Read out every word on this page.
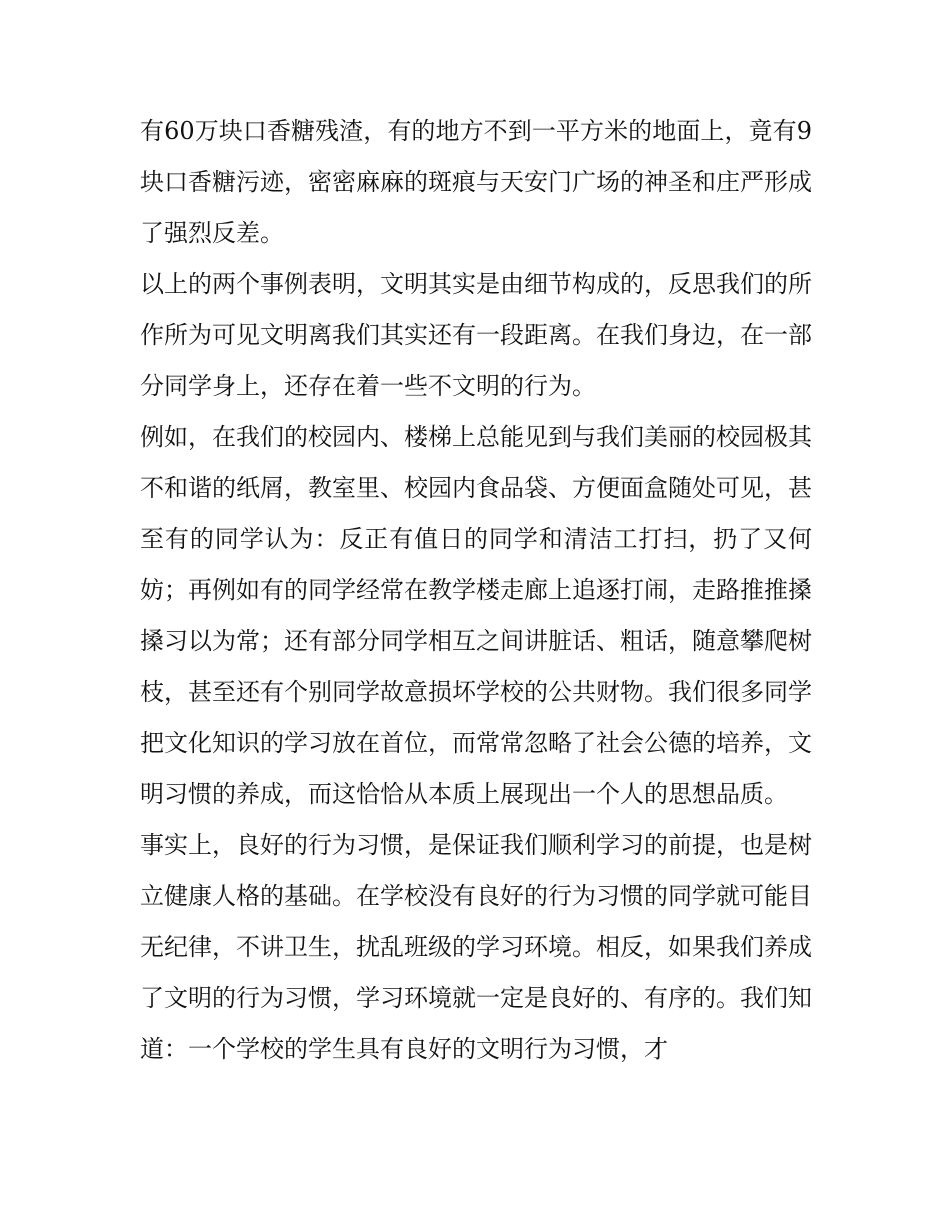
有60万块口香糖残渣，有的地方不到一平方米的地面上，竟有9块口香糖污迹，密密麻麻的斑痕与天安门广场的神圣和庄严形成了强烈反差。

以上的两个事例表明，文明其实是由细节构成的，反思我们的所作所为可见文明离我们其实还有一段距离。在我们身边，在一部分同学身上，还存在着一些不文明的行为。

例如，在我们的校园内、楼梯上总能见到与我们美丽的校园极其不和谐的纸屑，教室里、校园内食品袋、方便面盒随处可见，甚至有的同学认为：反正有值日的同学和清洁工打扫，扔了又何妨；再例如有的同学经常在教学楼走廊上追逐打闹，走路推推搡搡习以为常；还有部分同学相互之间讲脏话、粗话，随意攀爬树枝，甚至还有个别同学故意损坏学校的公共财物。我们很多同学把文化知识的学习放在首位，而常常忽略了社会公德的培养，文明习惯的养成，而这恰恰从本质上展现出一个人的思想品质。

事实上，良好的行为习惯，是保证我们顺利学习的前提，也是树立健康人格的基础。在学校没有良好的行为习惯的同学就可能目无纪律，不讲卫生，扰乱班级的学习环境。相反，如果我们养成了文明的行为习惯，学习环境就一定是良好的、有序的。我们知道：一个学校的学生具有良好的文明行为习惯，才
